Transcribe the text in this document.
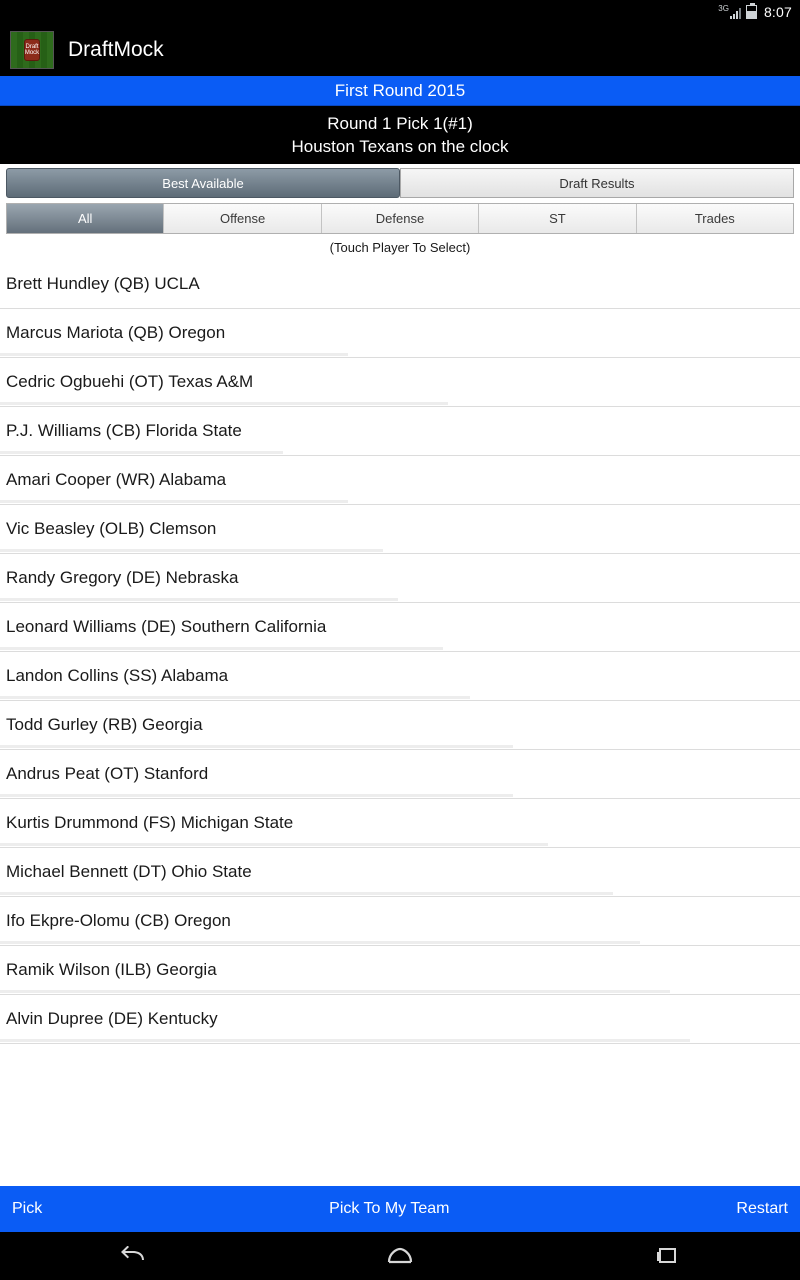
3G	8:07
Draft Mock DraftMock
First Round 2015
Round 1 Pick 1(#1)
Houston Texans on the clock
Best Available	Draft Results
All	Offense	Defense	ST	Trades
(Touch Player To Select)
Brett Hundley (QB) UCLA
Marcus Mariota (QB) Oregon
Cedric Ogbuehi (OT) Texas A&M
P.J. Williams (CB) Florida State
Amari Cooper (WR) Alabama
Vic Beasley (OLB) Clemson
Randy Gregory (DE) Nebraska
Leonard Williams (DE) Southern California
Landon Collins (SS) Alabama
Todd Gurley (RB) Georgia
Andrus Peat (OT) Stanford
Kurtis Drummond (FS) Michigan State
Michael Bennett (DT) Ohio State
Ifo Ekpre-Olomu (CB) Oregon
Ramik Wilson (ILB) Georgia
Alvin Dupree (DE) Kentucky
Pick	Pick To My Team	Restart
